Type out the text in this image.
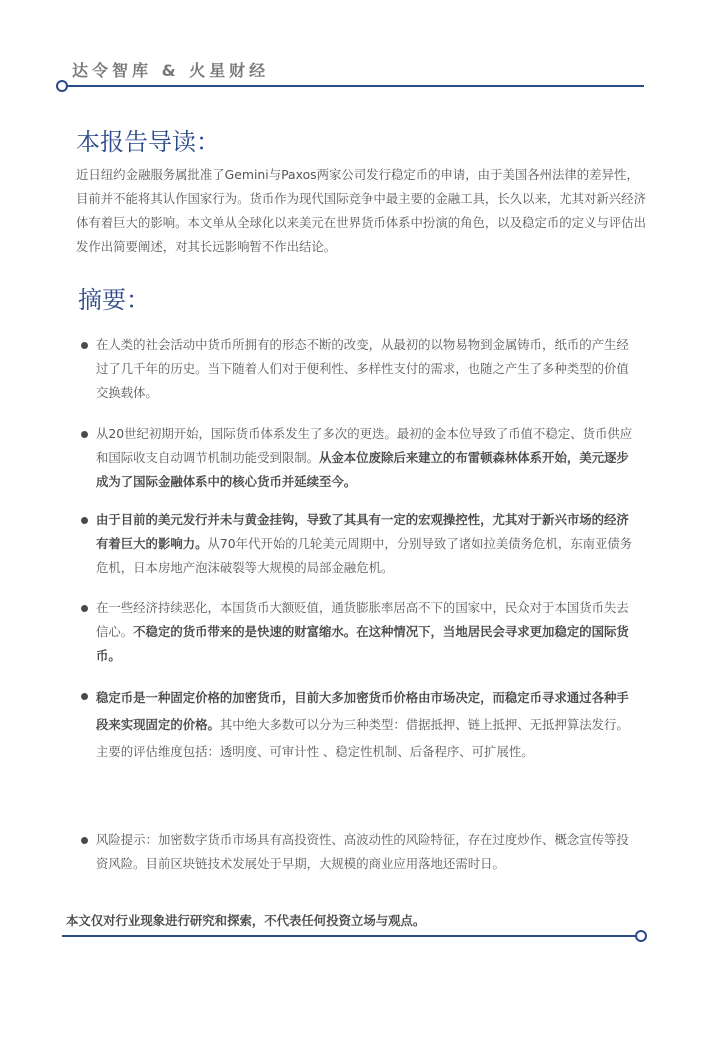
达令智库 & 火星财经
本报告导读：

近日纽约金融服务属批准了Gemini与Paxos两家公司发行稳定币的申请，由于美国各州法律的差异性，目前并不能将其认作国家行为。货币作为现代国际竞争中最主要的金融工具，长久以来，尤其对新兴经济体有着巨大的影响。本文单从全球化以来美元在世界货币体系中扮演的角色，以及稳定币的定义与评估出发作出简要阐述，对其长远影响暂不作出结论。

摘要：

在人类的社会活动中货币所拥有的形态不断的改变，从最初的以物易物到金属铸币，纸币的产生经过了几千年的历史。当下随着人们对于便利性、多样性支付的需求，也随之产生了多种类型的价值交换载体。

从20世纪初期开始，国际货币体系发生了多次的更迭。最初的金本位导致了币值不稳定、货币供应和国际收支自动调节机制功能受到限制。从金本位废除后来建立的布雷顿森林体系开始，美元逐步成为了国际金融体系中的核心货币并延续至今。

由于目前的美元发行并未与黄金挂钩，导致了其具有一定的宏观操控性，尤其对于新兴市场的经济有着巨大的影响力。从70年代开始的几轮美元周期中，分别导致了诸如拉美债务危机，东南亚债务危机，日本房地产泡沫破裂等大规模的局部金融危机。

在一些经济持续恶化，本国货币大额贬值，通货膨胀率居高不下的国家中，民众对于本国货币失去信心。不稳定的货币带来的是快速的财富缩水。在这种情况下，当地居民会寻求更加稳定的国际货币。

稳定币是一种固定价格的加密货币，目前大多加密货币价格由市场决定，而稳定币寻求通过各种手段来实现固定的价格。其中绝大多数可以分为三种类型：借据抵押、链上抵押、无抵押算法发行。主要的评估维度包括：透明度、可审计性 、稳定性机制、后备程序、可扩展性。

风险提示：加密数字货币市场具有高投资性、高波动性的风险特征，存在过度炒作、概念宣传等投资风险。目前区块链技术发展处于早期，大规模的商业应用落地还需时日。

本文仅对行业现象进行研究和探索，不代表任何投资立场与观点。
